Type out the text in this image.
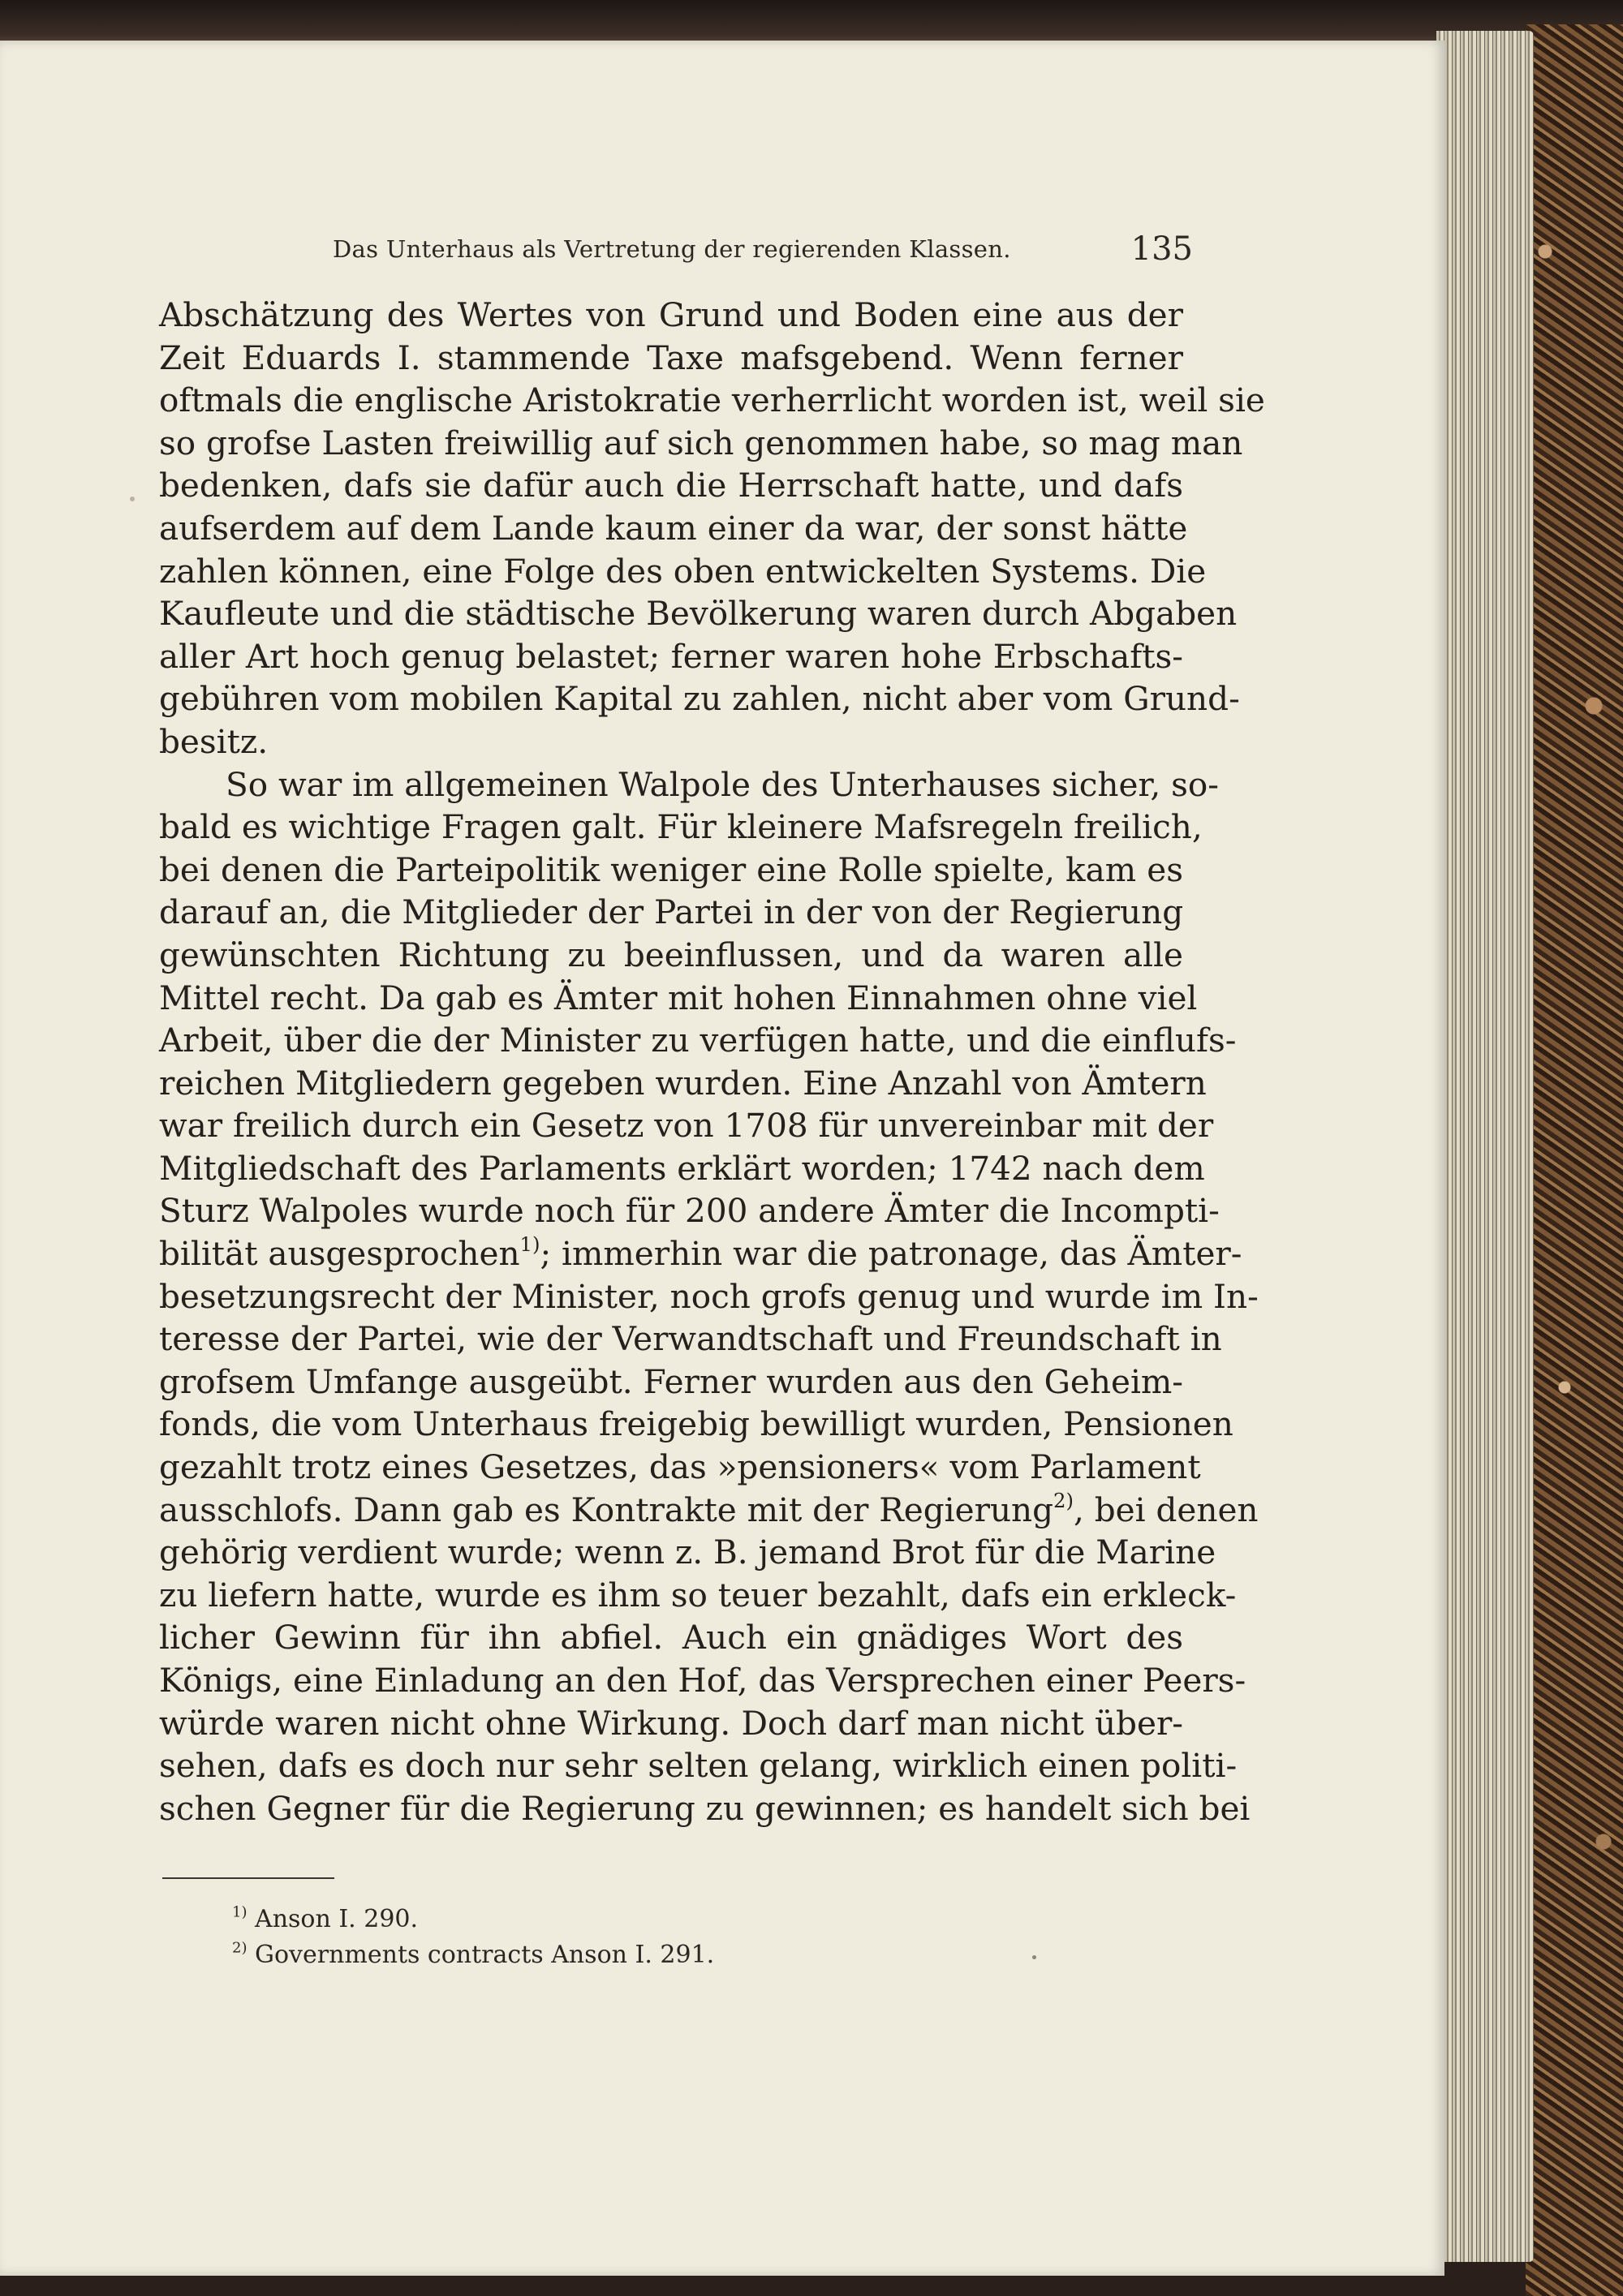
Das Unterhaus als Vertretung der regierenden Klassen.	135
Abschätzung des Wertes von Grund und Boden eine aus der
Zeit Eduards I. stammende Taxe mafsgebend. Wenn ferner
oftmals die englische Aristokratie verherrlicht worden ist, weil sie
so grofse Lasten freiwillig auf sich genommen habe, so mag man
bedenken, dafs sie dafür auch die Herrschaft hatte, und dafs
aufserdem auf dem Lande kaum einer da war, der sonst hätte
zahlen können, eine Folge des oben entwickelten Systems. Die
Kaufleute und die städtische Bevölkerung waren durch Abgaben
aller Art hoch genug belastet; ferner waren hohe Erbschafts-
gebühren vom mobilen Kapital zu zahlen, nicht aber vom Grund-
besitz.
So war im allgemeinen Walpole des Unterhauses sicher, so-
bald es wichtige Fragen galt. Für kleinere Mafsregeln freilich,
bei denen die Parteipolitik weniger eine Rolle spielte, kam es
darauf an, die Mitglieder der Partei in der von der Regierung
gewünschten Richtung zu beeinflussen, und da waren alle
Mittel recht. Da gab es Ämter mit hohen Einnahmen ohne viel
Arbeit, über die der Minister zu verfügen hatte, und die einflufs-
reichen Mitgliedern gegeben wurden. Eine Anzahl von Ämtern
war freilich durch ein Gesetz von 1708 für unvereinbar mit der
Mitgliedschaft des Parlaments erklärt worden; 1742 nach dem
Sturz Walpoles wurde noch für 200 andere Ämter die Incompti-
bilität ausgesprochen$^{1)}$; immerhin war die patronage, das Ämter-
besetzungsrecht der Minister, noch grofs genug und wurde im In-
teresse der Partei, wie der Verwandtschaft und Freundschaft in
grofsem Umfange ausgeübt. Ferner wurden aus den Geheim-
fonds, die vom Unterhaus freigebig bewilligt wurden, Pensionen
gezahlt trotz eines Gesetzes, das »pensioners« vom Parlament
ausschlofs. Dann gab es Kontrakte mit der Regierung$^{2)}$, bei denen
gehörig verdient wurde; wenn z. B. jemand Brot für die Marine
zu liefern hatte, wurde es ihm so teuer bezahlt, dafs ein erkleck-
licher Gewinn für ihn abfiel. Auch ein gnädiges Wort des
Königs, eine Einladung an den Hof, das Versprechen einer Peers-
würde waren nicht ohne Wirkung. Doch darf man nicht über-
sehen, dafs es doch nur sehr selten gelang, wirklich einen politi-
schen Gegner für die Regierung zu gewinnen; es handelt sich bei
$^{1)}$ Anson I. 290.
$^{2)}$ Governments contracts Anson I. 291.
